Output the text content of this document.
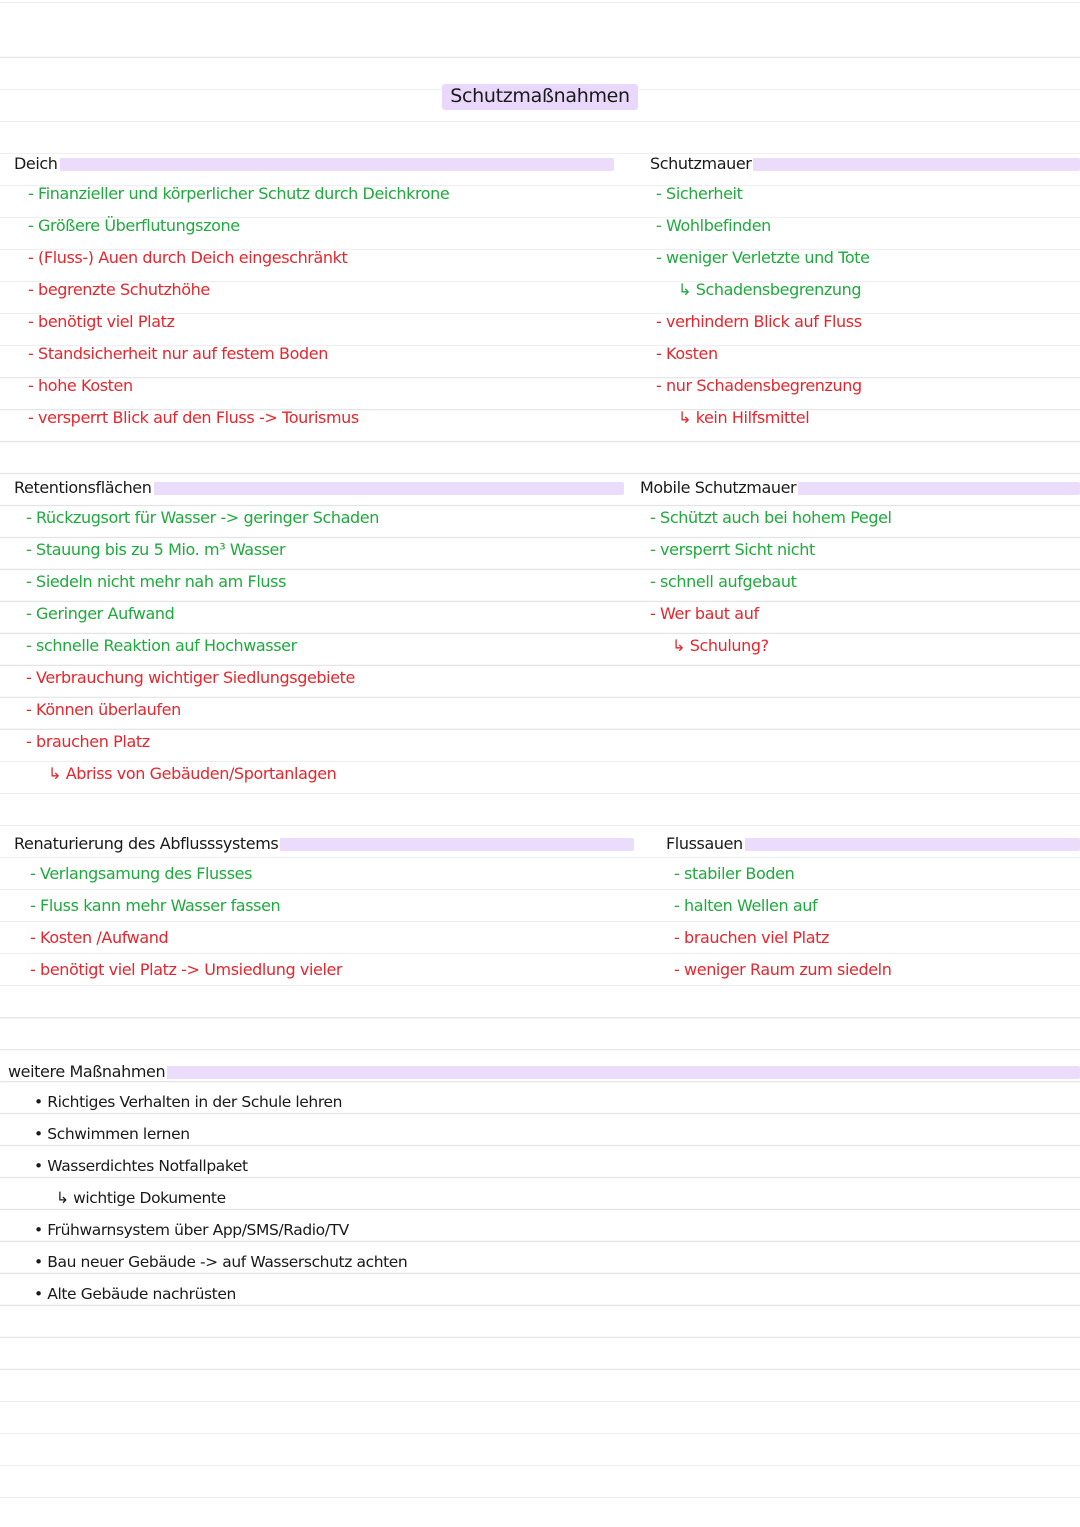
Schutzmaßnahmen
Deich
- Finanzieller und körperlicher Schutz durch Deichkrone
- Größere Überflutungszone
- (Fluss-) Auen durch Deich eingeschränkt
- begrenzte Schutzhöhe
- benötigt viel Platz
- Standsicherheit nur auf festem Boden
- hohe Kosten
- versperrt Blick auf den Fluss -> Tourismus
Schutzmauer
- Sicherheit
- Wohlbefinden
- weniger Verletzte und Tote
↳ Schadensbegrenzung
- verhindern Blick auf Fluss
- Kosten
- nur Schadensbegrenzung
↳ kein Hilfsmittel
Retentionsflächen
- Rückzugsort für Wasser -> geringer Schaden
- Stauung bis zu 5 Mio. m³ Wasser
- Siedeln nicht mehr nah am Fluss
- Geringer Aufwand
- schnelle Reaktion auf Hochwasser
- Verbrauchung wichtiger Siedlungsgebiete
- Können überlaufen
- brauchen Platz
↳ Abriss von Gebäuden/Sportanlagen
Mobile Schutzmauer
- Schützt auch bei hohem Pegel
- versperrt Sicht nicht
- schnell aufgebaut
- Wer baut auf
↳ Schulung?
Renaturierung des Abflusssystems
- Verlangsamung des Flusses
- Fluss kann mehr Wasser fassen
- Kosten /Aufwand
- benötigt viel Platz -> Umsiedlung vieler
Flussauen
- stabiler Boden
- halten Wellen auf
- brauchen viel Platz
- weniger Raum zum siedeln
weitere Maßnahmen
• Richtiges Verhalten in der Schule lehren
• Schwimmen lernen
• Wasserdichtes Notfallpaket
↳ wichtige Dokumente
• Frühwarnsystem über App/SMS/Radio/TV
• Bau neuer Gebäude -> auf Wasserschutz achten
• Alte Gebäude nachrüsten
